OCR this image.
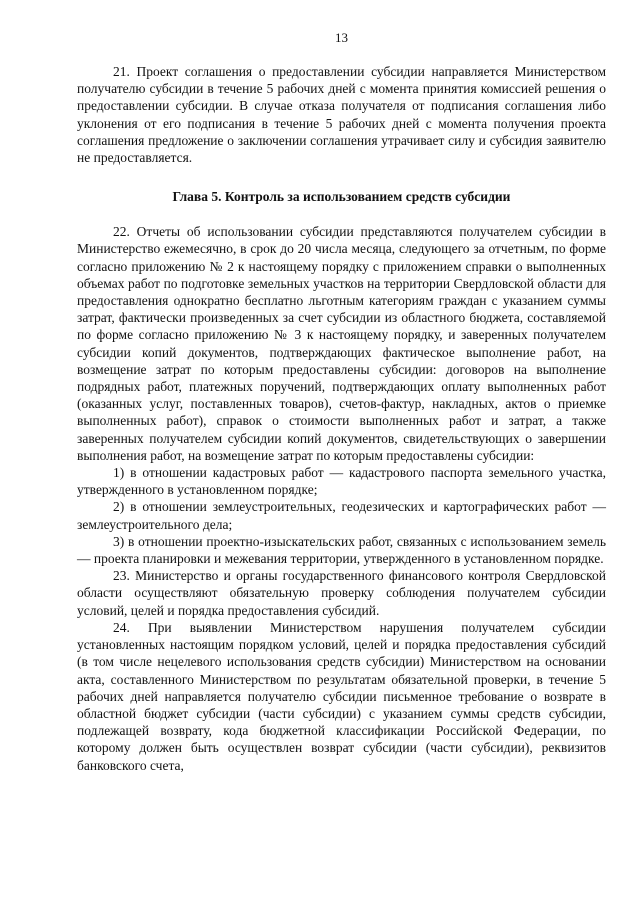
13

21. Проект соглашения о предоставлении субсидии направляется Министерством получателю субсидии в течение 5 рабочих дней с момента принятия комиссией решения о предоставлении субсидии. В случае отказа получателя от подписания соглашения либо уклонения от его подписания в течение 5 рабочих дней с момента получения проекта соглашения предложение о заключении соглашения утрачивает силу и субсидия заявителю не предоставляется.

Глава 5. Контроль за использованием средств субсидии

22. Отчеты об использовании субсидии представляются получателем субсидии в Министерство ежемесячно, в срок до 20 числа месяца, следующего за отчетным, по форме согласно приложению № 2 к настоящему порядку с приложением справки о выполненных объемах работ по подготовке земельных участков на территории Свердловской области для предоставления однократно бесплатно льготным категориям граждан с указанием суммы затрат, фактически произведенных за счет субсидии из областного бюджета, составляемой по форме согласно приложению № 3 к настоящему порядку, и заверенных получателем субсидии копий документов, подтверждающих фактическое выполнение работ, на возмещение затрат по которым предоставлены субсидии: договоров на выполнение подрядных работ, платежных поручений, подтверждающих оплату выполненных работ (оказанных услуг, поставленных товаров), счетов-фактур, накладных, актов о приемке выполненных работ), справок о стоимости выполненных работ и затрат, а также заверенных получателем субсидии копий документов, свидетельствующих о завершении выполнения работ, на возмещение затрат по которым предоставлены субсидии:

1) в отношении кадастровых работ — кадастрового паспорта земельного участка, утвержденного в установленном порядке;

2) в отношении землеустроительных, геодезических и картографических работ — землеустроительного дела;

3) в отношении проектно-изыскательских работ, связанных с использованием земель — проекта планировки и межевания территории, утвержденного в установленном порядке.

23. Министерство и органы государственного финансового контроля Свердловской области осуществляют обязательную проверку соблюдения получателем субсидии условий, целей и порядка предоставления субсидий.

24. При выявлении Министерством нарушения получателем субсидии установленных настоящим порядком условий, целей и порядка предоставления субсидий (в том числе нецелевого использования средств субсидии) Министерством на основании акта, составленного Министерством по результатам обязательной проверки, в течение 5 рабочих дней направляется получателю субсидии письменное требование о возврате в областной бюджет субсидии (части субсидии) с указанием суммы средств субсидии, подлежащей возврату, кода бюджетной классификации Российской Федерации, по которому должен быть осуществлен возврат субсидии (части субсидии), реквизитов банковского счета,
